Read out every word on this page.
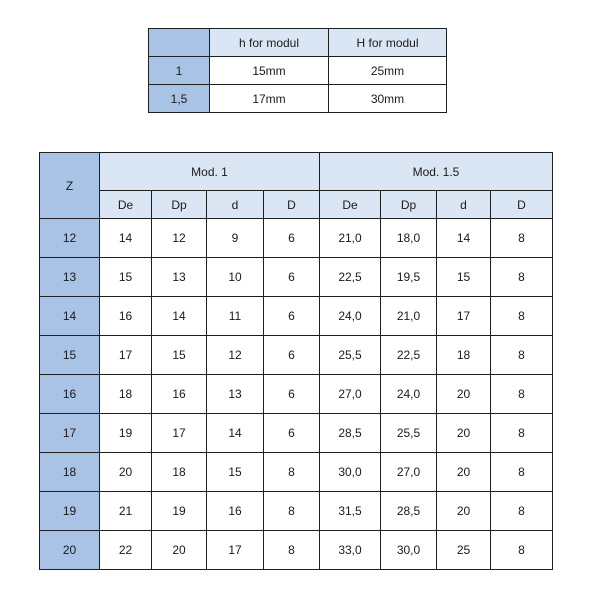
	h for modul	H for modul
1	15mm	25mm
1,5	17mm	30mm
Z	Mod. 1				Mod. 1.5			
	De	Dp	d	D	De	Dp	d	D
12	14	12	9	6	21,0	18,0	14	8
13	15	13	10	6	22,5	19,5	15	8
14	16	14	11	6	24,0	21,0	17	8
15	17	15	12	6	25,5	22,5	18	8
16	18	16	13	6	27,0	24,0	20	8
17	19	17	14	6	28,5	25,5	20	8
18	20	18	15	8	30,0	27,0	20	8
19	21	19	16	8	31,5	28,5	20	8
20	22	20	17	8	33,0	30,0	25	8
